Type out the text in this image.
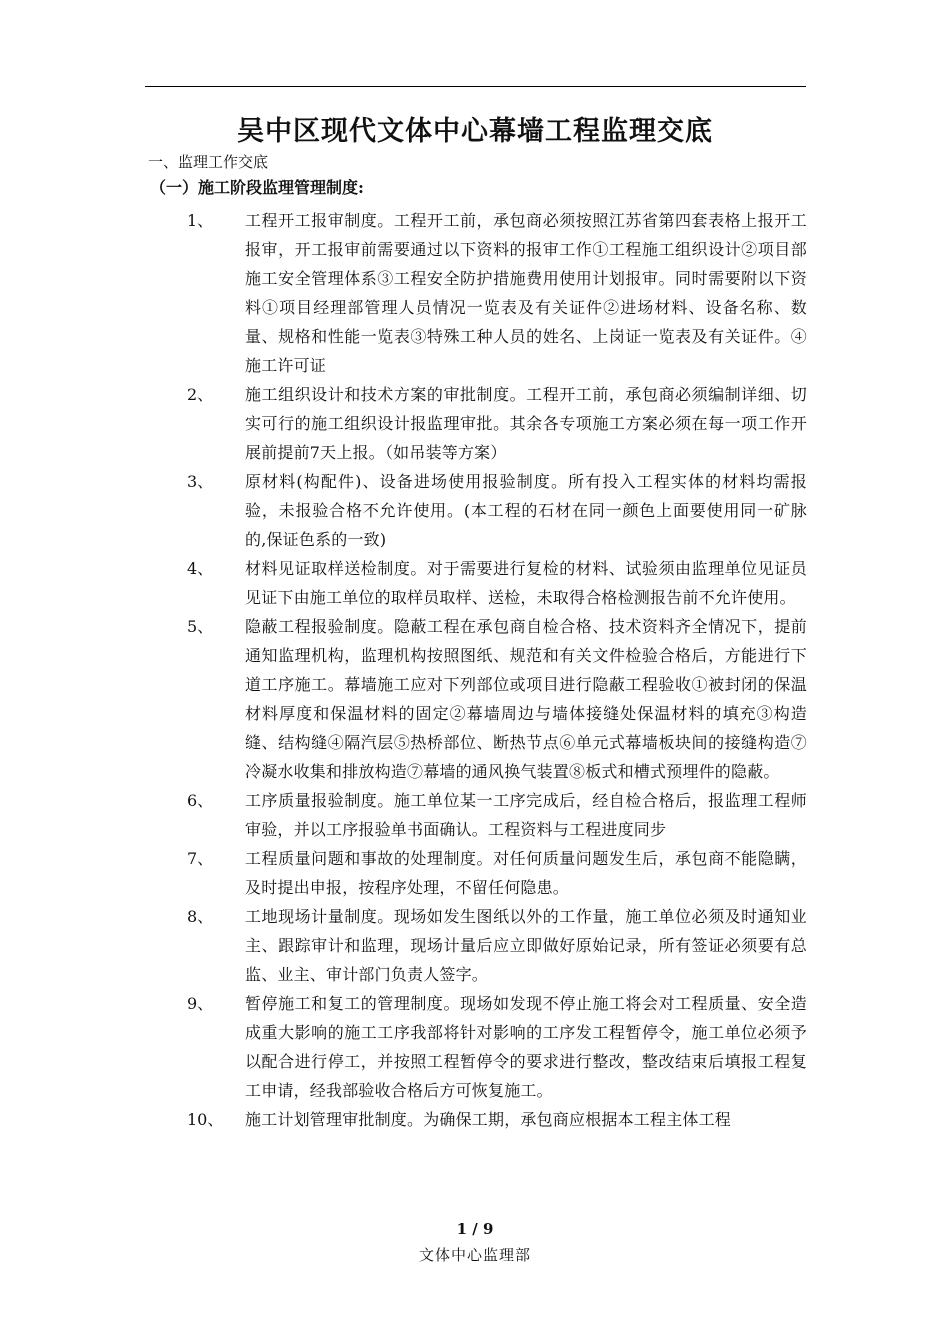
吴中区现代文体中心幕墙工程监理交底
一、监理工作交底
（一）施工阶段监理管理制度:
1、	工程开工报审制度。工程开工前，承包商必须按照江苏省第四套表格上报开工报审，开工报审前需要通过以下资料的报审工作①工程施工组织设计②项目部施工安全管理体系③工程安全防护措施费用使用计划报审。同时需要附以下资料①项目经理部管理人员情况一览表及有关证件②进场材料、设备名称、数量、规格和性能一览表③特殊工种人员的姓名、上岗证一览表及有关证件。④施工许可证
2、	施工组织设计和技术方案的审批制度。工程开工前，承包商必须编制详细、切实可行的施工组织设计报监理审批。其余各专项施工方案必须在每一项工作开展前提前7天上报。（如吊装等方案）
3、	原材料(构配件)、设备进场使用报验制度。所有投入工程实体的材料均需报验，未报验合格不允许使用。(本工程的石材在同一颜色上面要使用同一矿脉的,保证色系的一致)
4、	材料见证取样送检制度。对于需要进行复检的材料、试验须由监理单位见证员见证下由施工单位的取样员取样、送检，未取得合格检测报告前不允许使用。
5、	隐蔽工程报验制度。隐蔽工程在承包商自检合格、技术资料齐全情况下，提前通知监理机构，监理机构按照图纸、规范和有关文件检验合格后，方能进行下道工序施工。幕墙施工应对下列部位或项目进行隐蔽工程验收①被封闭的保温材料厚度和保温材料的固定②幕墙周边与墙体接缝处保温材料的填充③构造缝、结构缝④隔汽层⑤热桥部位、断热节点⑥单元式幕墙板块间的接缝构造⑦冷凝水收集和排放构造⑦幕墙的通风换气装置⑧板式和槽式预埋件的隐蔽。
6、	工序质量报验制度。施工单位某一工序完成后，经自检合格后，报监理工程师审验，并以工序报验单书面确认。工程资料与工程进度同步
7、	工程质量问题和事故的处理制度。对任何质量问题发生后，承包商不能隐瞒，及时提出申报，按程序处理，不留任何隐患。
8、	工地现场计量制度。现场如发生图纸以外的工作量，施工单位必须及时通知业主、跟踪审计和监理，现场计量后应立即做好原始记录，所有签证必须要有总监、业主、审计部门负责人签字。
9、	暂停施工和复工的管理制度。现场如发现不停止施工将会对工程质量、安全造成重大影响的施工工序我部将针对影响的工序发工程暂停令，施工单位必须予以配合进行停工，并按照工程暂停令的要求进行整改，整改结束后填报工程复工申请，经我部验收合格后方可恢复施工。
10、	施工计划管理审批制度。为确保工期，承包商应根据本工程主体工程
1 / 9
文体中心监理部
